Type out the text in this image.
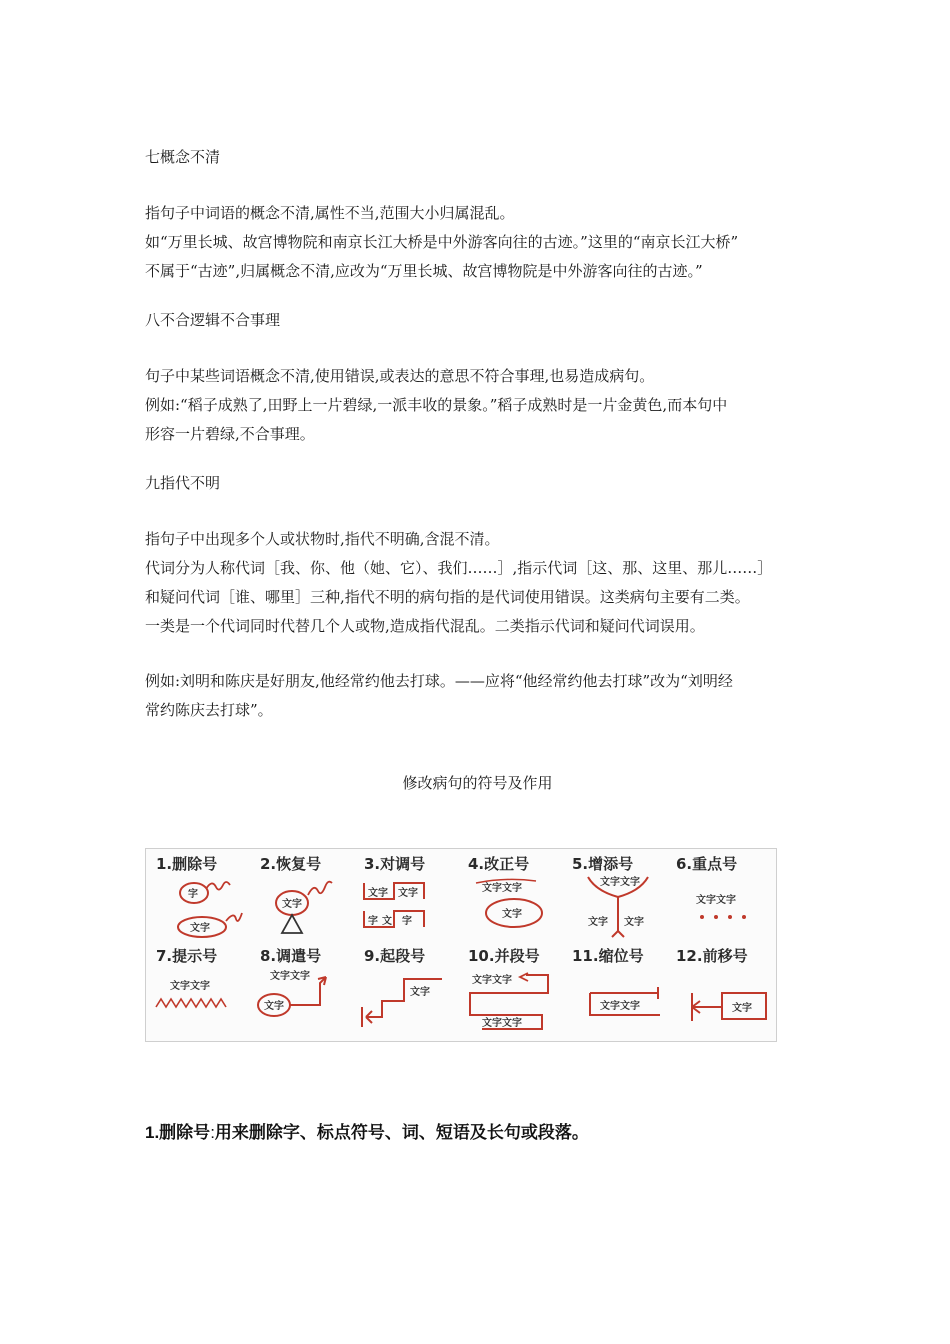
七概念不清
指句子中词语的概念不清,属性不当,范围大小归属混乱。
如“万里长城、故宫博物院和南京长江大桥是中外游客向往的古迹。”这里的“南京长江大桥”
不属于“古迹”,归属概念不清,应改为“万里长城、故宫博物院是中外游客向往的古迹。”
八不合逻辑不合事理
句子中某些词语概念不清,使用错误,或表达的意思不符合事理,也易造成病句。
例如:“稻子成熟了,田野上一片碧绿,一派丰收的景象。”稻子成熟时是一片金黄色,而本句中
形容一片碧绿,不合事理。
九指代不明
指句子中出现多个人或状物时,指代不明确,含混不清。
代词分为人称代词［我、你、他（她、它）、我们……］,指示代词［这、那、这里、那儿……］
和疑问代词［谁、哪里］三种,指代不明的病句指的是代词使用错误。这类病句主要有二类。
一类是一个代词同时代替几个人或物,造成指代混乱。二类指示代词和疑问代词误用。
例如:刘明和陈庆是好朋友,他经常约他去打球。——应将“他经常约他去打球”改为“刘明经
常约陈庆去打球”。
修改病句的符号及作用
1.删除号
字
文字
2.恢复号
文字
3.对调号
文字 文字
字 文 字
4.改正号
文字文字
文字
5.增添号
文字文字
文字 文字
6.重点号
文字文字
7.提示号
文字文字
8.调遣号
文字文字
文字
9.起段号
文字
10.并段号
文字文字
文字文字
11.缩位号
文字文字
12.前移号
文字
1.删除号:用来删除字、标点符号、词、短语及长句或段落。
